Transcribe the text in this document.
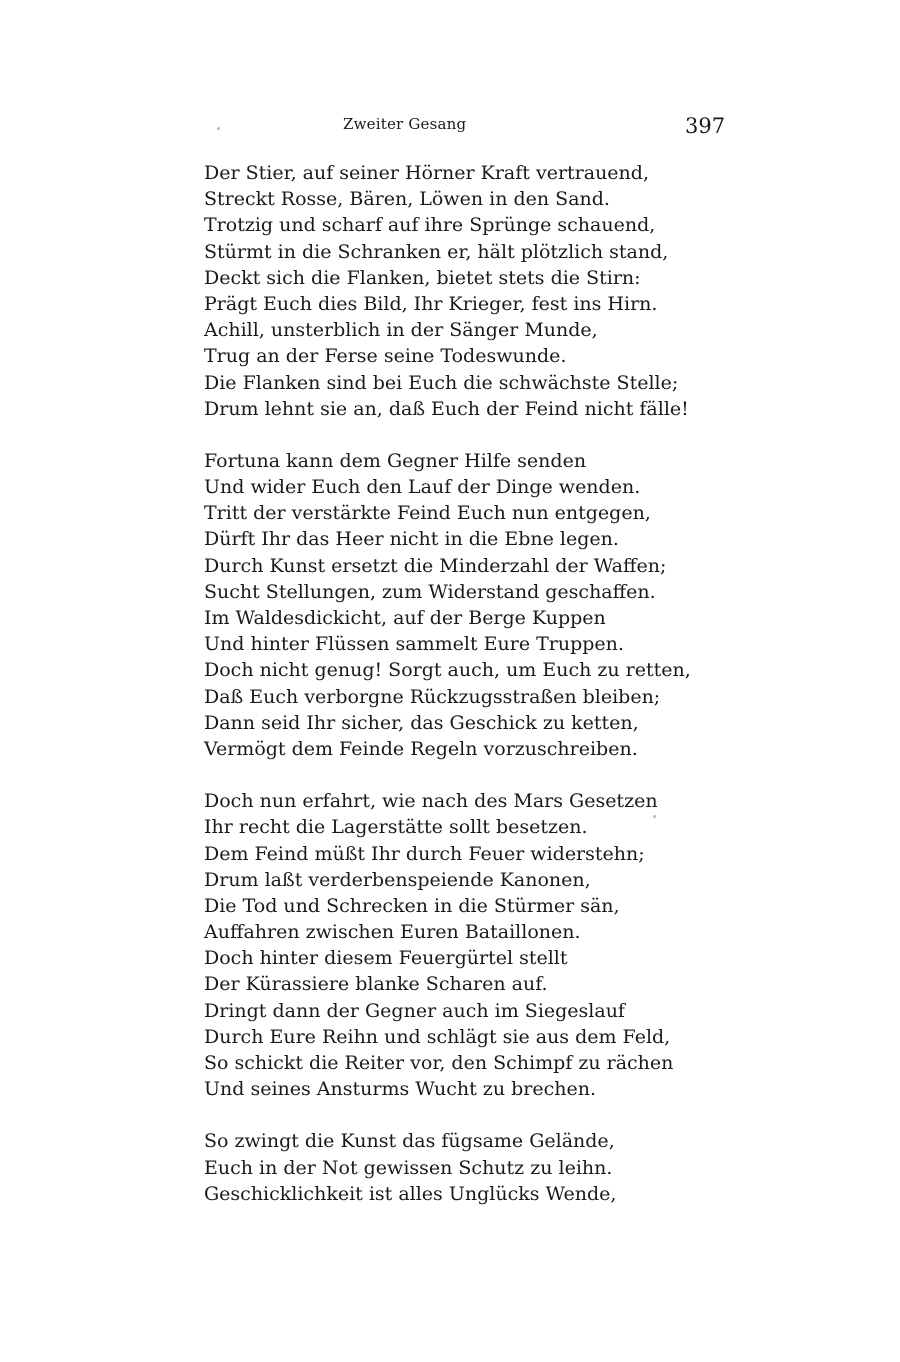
Zweiter Gesang	397
Der Stier, auf seiner Hörner Kraft vertrauend,
Streckt Rosse, Bären, Löwen in den Sand.
Trotzig und scharf auf ihre Sprünge schauend,
Stürmt in die Schranken er, hält plötzlich stand,
Deckt sich die Flanken, bietet stets die Stirn:
Prägt Euch dies Bild, Ihr Krieger, fest ins Hirn.
Achill, unsterblich in der Sänger Munde,
Trug an der Ferse seine Todeswunde.
Die Flanken sind bei Euch die schwächste Stelle;
Drum lehnt sie an, daß Euch der Feind nicht fälle!
Fortuna kann dem Gegner Hilfe senden
Und wider Euch den Lauf der Dinge wenden.
Tritt der verstärkte Feind Euch nun entgegen,
Dürft Ihr das Heer nicht in die Ebne legen.
Durch Kunst ersetzt die Minderzahl der Waffen;
Sucht Stellungen, zum Widerstand geschaffen.
Im Waldesdickicht, auf der Berge Kuppen
Und hinter Flüssen sammelt Eure Truppen.
Doch nicht genug! Sorgt auch, um Euch zu retten,
Daß Euch verborgne Rückzugsstraßen bleiben;
Dann seid Ihr sicher, das Geschick zu ketten,
Vermögt dem Feinde Regeln vorzuschreiben.
Doch nun erfahrt, wie nach des Mars Gesetzen
Ihr recht die Lagerstätte sollt besetzen.
Dem Feind müßt Ihr durch Feuer widerstehn;
Drum laßt verderbenspeiende Kanonen,
Die Tod und Schrecken in die Stürmer sän,
Auffahren zwischen Euren Bataillonen.
Doch hinter diesem Feuergürtel stellt
Der Kürassiere blanke Scharen auf.
Dringt dann der Gegner auch im Siegeslauf
Durch Eure Reihn und schlägt sie aus dem Feld,
So schickt die Reiter vor, den Schimpf zu rächen
Und seines Ansturms Wucht zu brechen.
So zwingt die Kunst das fügsame Gelände,
Euch in der Not gewissen Schutz zu leihn.
Geschicklichkeit ist alles Unglücks Wende,
